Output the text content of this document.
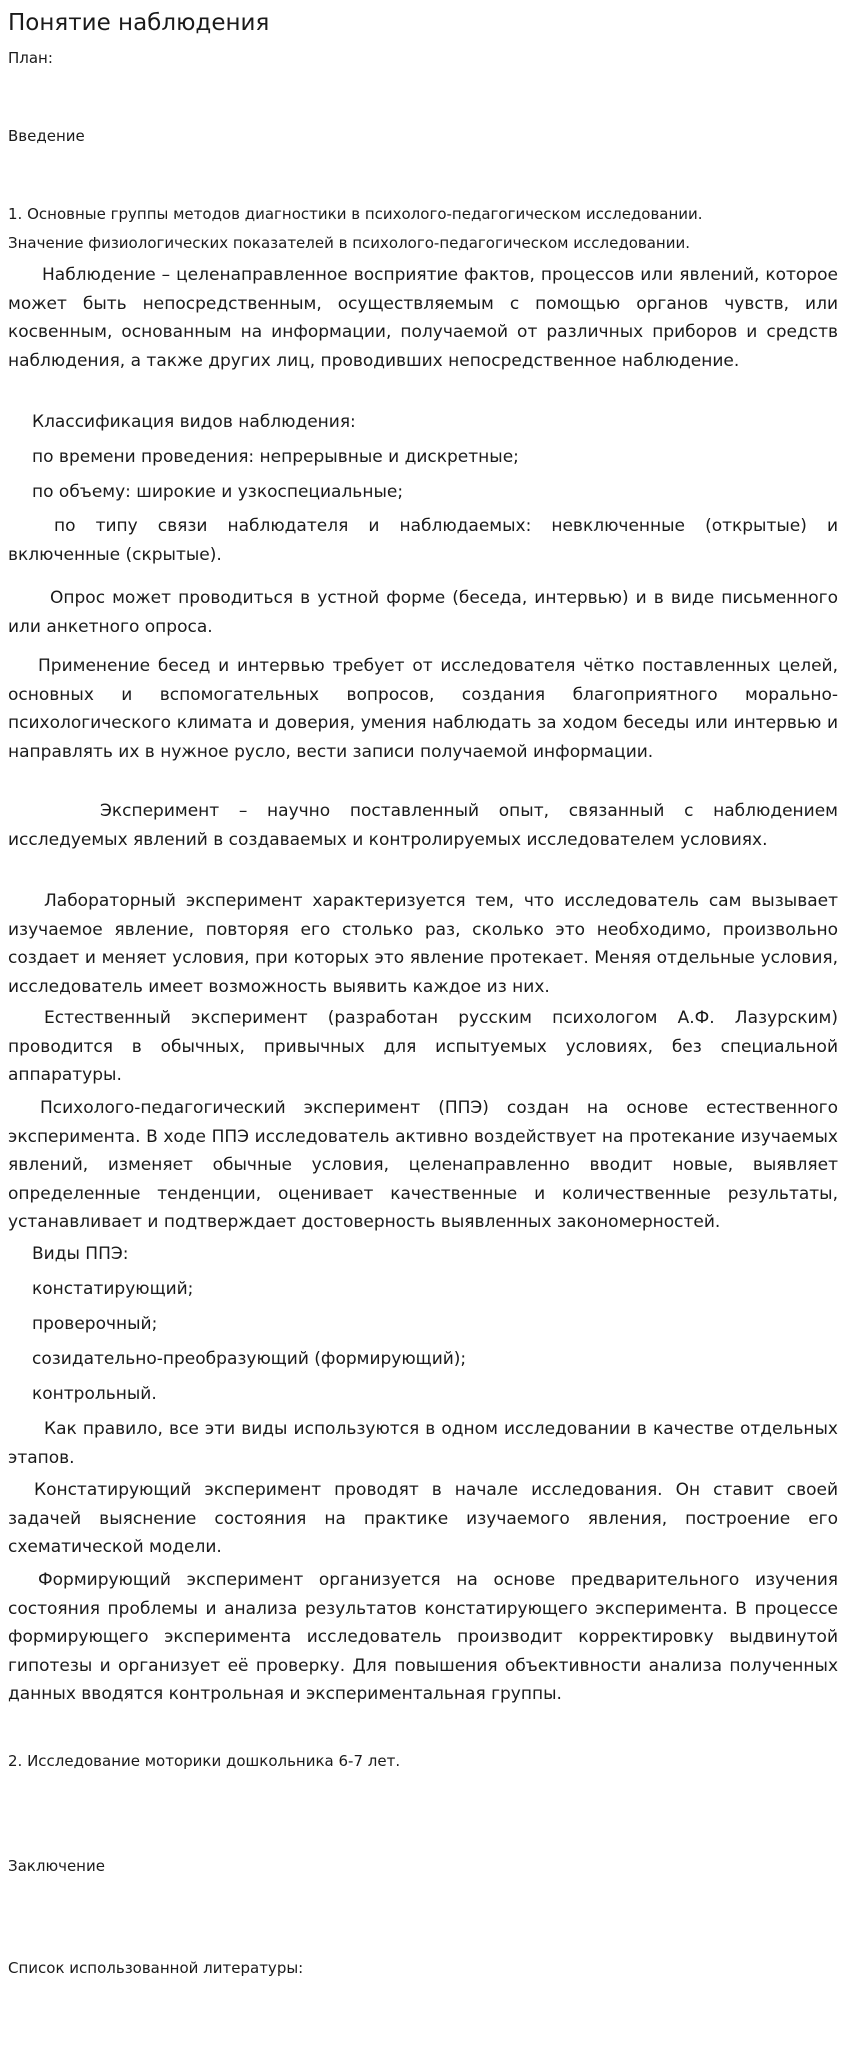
Понятие наблюдения
План:
Введение
1. Основные группы методов диагностики в психолого-педагогическом исследовании.
Значение физиологических показателей в психолого-педагогическом исследовании.
Наблюдение – целенаправленное восприятие фактов, процессов или явлений, которое может быть непосредственным, осуществляемым с помощью органов чувств, или косвенным, основанным на информации, получаемой от различных приборов и средств наблюдения, а также других лиц, проводивших непосредственное наблюдение.
Классификация видов наблюдения:
по времени проведения: непрерывные и дискретные;
по объему: широкие и узкоспециальные;
по типу связи наблюдателя и наблюдаемых: невключенные (открытые) и включенные (скрытые).
Опрос может проводиться в устной форме (беседа, интервью) и в виде письменного или анкетного опроса.
Применение бесед и интервью требует от исследователя чётко поставленных целей, основных и вспомогательных вопросов, создания благоприятного морально-психологического климата и доверия, умения наблюдать за ходом беседы или интервью и направлять их в нужное русло, вести записи получаемой информации.
Эксперимент – научно поставленный опыт, связанный с наблюдением исследуемых явлений в создаваемых и контролируемых исследователем условиях.
Лабораторный эксперимент характеризуется тем, что исследователь сам вызывает изучаемое явление, повторяя его столько раз, сколько это необходимо, произвольно создает и меняет условия, при которых это явление протекает. Меняя отдельные условия, исследователь имеет возможность выявить каждое из них.
Естественный эксперимент (разработан русским психологом А.Ф. Лазурским) проводится в обычных, привычных для испытуемых условиях, без специальной аппаратуры.
Психолого-педагогический эксперимент (ППЭ) создан на основе естественного эксперимента. В ходе ППЭ исследователь активно воздействует на протекание изучаемых явлений, изменяет обычные условия, целенаправленно вводит новые, выявляет определенные тенденции, оценивает качественные и количественные результаты, устанавливает и подтверждает достоверность выявленных закономерностей.
Виды ППЭ:
констатирующий;
проверочный;
созидательно-преобразующий (формирующий);
контрольный.
Как правило, все эти виды используются в одном исследовании в качестве отдельных этапов.
Констатирующий эксперимент проводят в начале исследования. Он ставит своей задачей выяснение состояния на практике изучаемого явления, построение его схематической модели.
Формирующий эксперимент организуется на основе предварительного изучения состояния проблемы и анализа результатов констатирующего эксперимента. В процессе формирующего эксперимента исследователь производит корректировку выдвинутой гипотезы и организует её проверку. Для повышения объективности анализа полученных данных вводятся контрольная и экспериментальная группы.
2. Исследование моторики дошкольника 6-7 лет.
Заключение
Список использованной литературы:
